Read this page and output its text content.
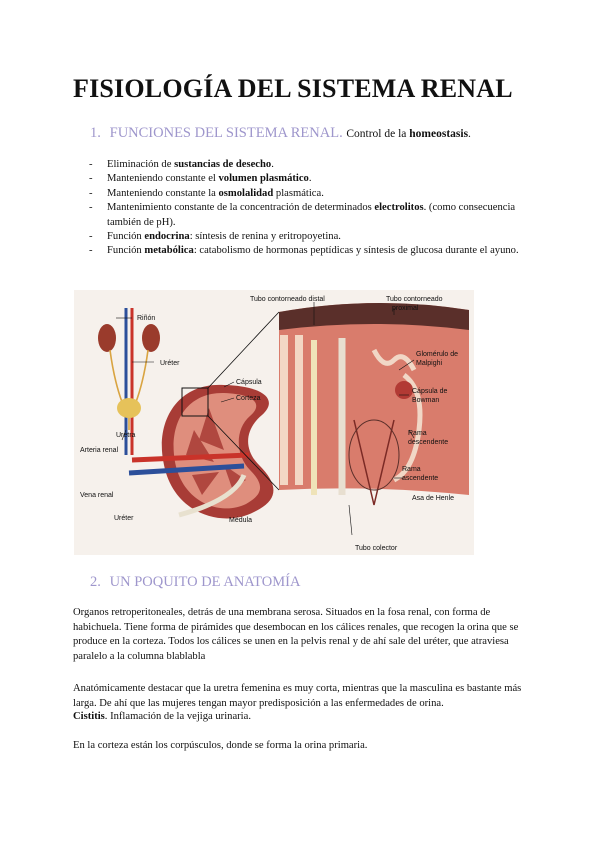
FISIOLOGÍA DEL SISTEMA RENAL
1. FUNCIONES DEL SISTEMA RENAL. Control de la homeostasis.
- Eliminación de sustancias de desecho.
- Manteniendo constante el volumen plasmático.
- Manteniendo constante la osmolalidad plasmática.
- Mantenimiento constante de la concentración de determinados electrolitos. (como consecuencia también de pH).
- Función endocrina: síntesis de renina y eritropoyetina.
- Función metabólica: catabolismo de hormonas peptídicas y síntesis de glucosa durante el ayuno.
Riñón
Uréter
Uretra
Arteria renal
Vena renal
Uréter
Cápsula
Corteza
Médula
Tubo contorneado distal	Tubo contorneado
proximal
Glomérulo de
Malpighi
Cápsula de
Bowman
Rama
descendente
Rama
ascendente
Asa de Henle
Tubo colector
2. UN POQUITO DE ANATOMÍA

Organos retroperitoneales, detrás de una membrana serosa. Situados en la fosa renal, con forma de habichuela. Tiene forma de pirámides que desembocan en los cálices renales, que recogen la orina que se produce en la corteza. Todos los cálices se unen en la pelvis renal y de ahí sale del uréter, que atraviesa paralelo a la columna blablabla

Anatómicamente destacar que la uretra femenina es muy corta, mientras que la masculina es bastante más larga. De ahí que las mujeres tengan mayor predisposición a las enfermedades de orina.

Cistitis. Inflamación de la vejiga urinaria.

En la corteza están los corpúsculos, donde se forma la orina primaria.
